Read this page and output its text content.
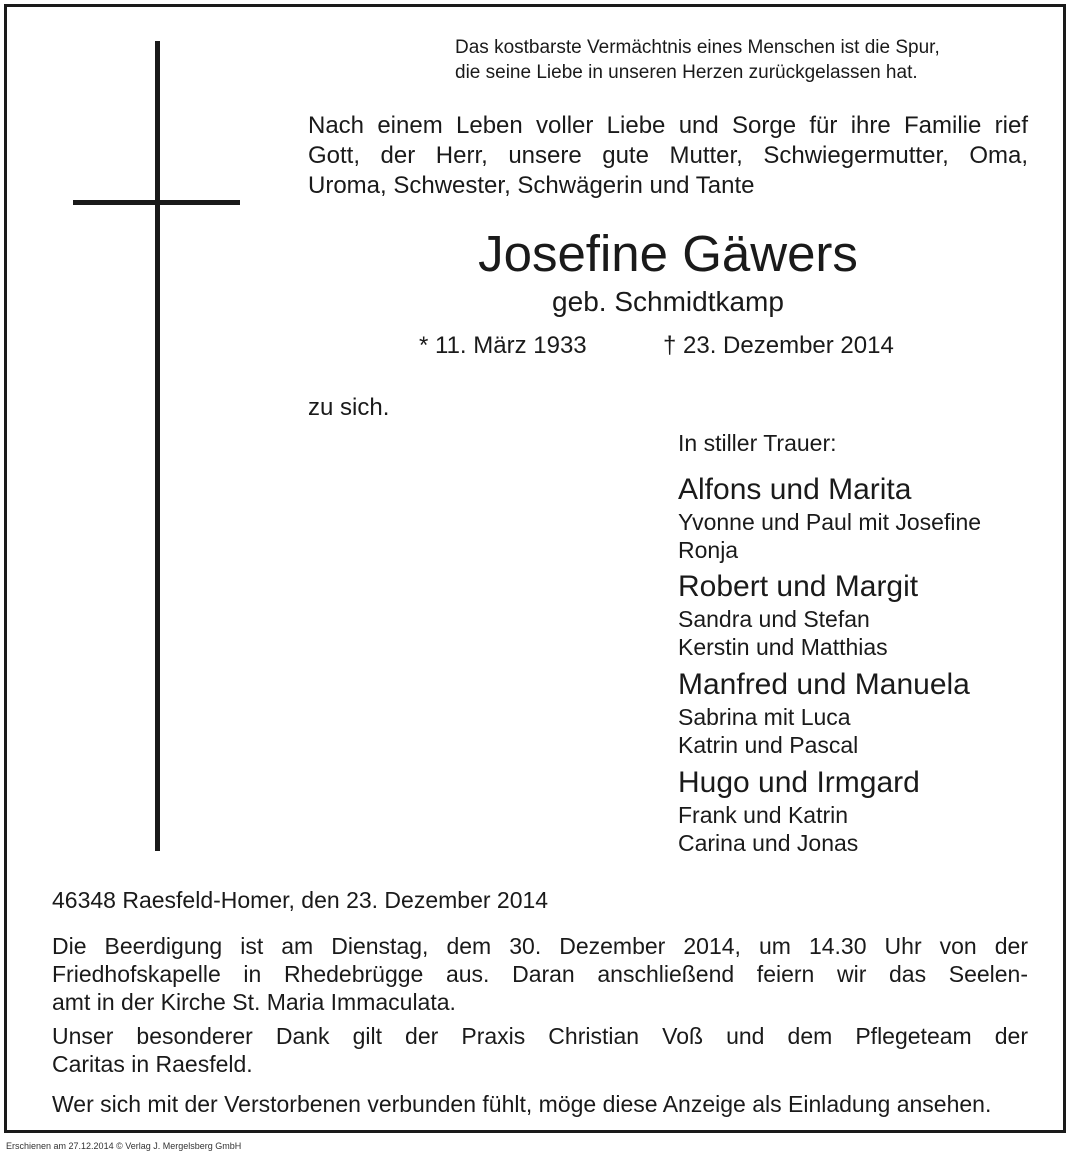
Das kostbarste Vermächtnis eines Menschen ist die Spur,
die seine Liebe in unseren Herzen zurückgelassen hat.
Nach einem Leben voller Liebe und Sorge für ihre Familie rief
Gott, der Herr, unsere gute Mutter, Schwiegermutter, Oma,
Uroma, Schwester, Schwägerin und Tante
Josefine Gäwers
geb. Schmidtkamp
* 11. März 1933	† 23. Dezember 2014
zu sich.
In stiller Trauer:
Alfons und Marita
Yvonne und Paul mit Josefine
Ronja
Robert und Margit
Sandra und Stefan
Kerstin und Matthias
Manfred und Manuela
Sabrina mit Luca
Katrin und Pascal
Hugo und Irmgard
Frank und Katrin
Carina und Jonas
46348 Raesfeld-Homer, den 23. Dezember 2014
Die Beerdigung ist am Dienstag, dem 30. Dezember 2014, um 14.30 Uhr von der
Friedhofskapelle in Rhedebrügge aus. Daran anschließend feiern wir das Seelen-
amt in der Kirche St. Maria Immaculata.
Unser besonderer Dank gilt der Praxis Christian Voß und dem Pflegeteam der
Caritas in Raesfeld.
Wer sich mit der Verstorbenen verbunden fühlt, möge diese Anzeige als Einladung ansehen.
Erschienen am 27.12.2014 © Verlag J. Mergelsberg GmbH
